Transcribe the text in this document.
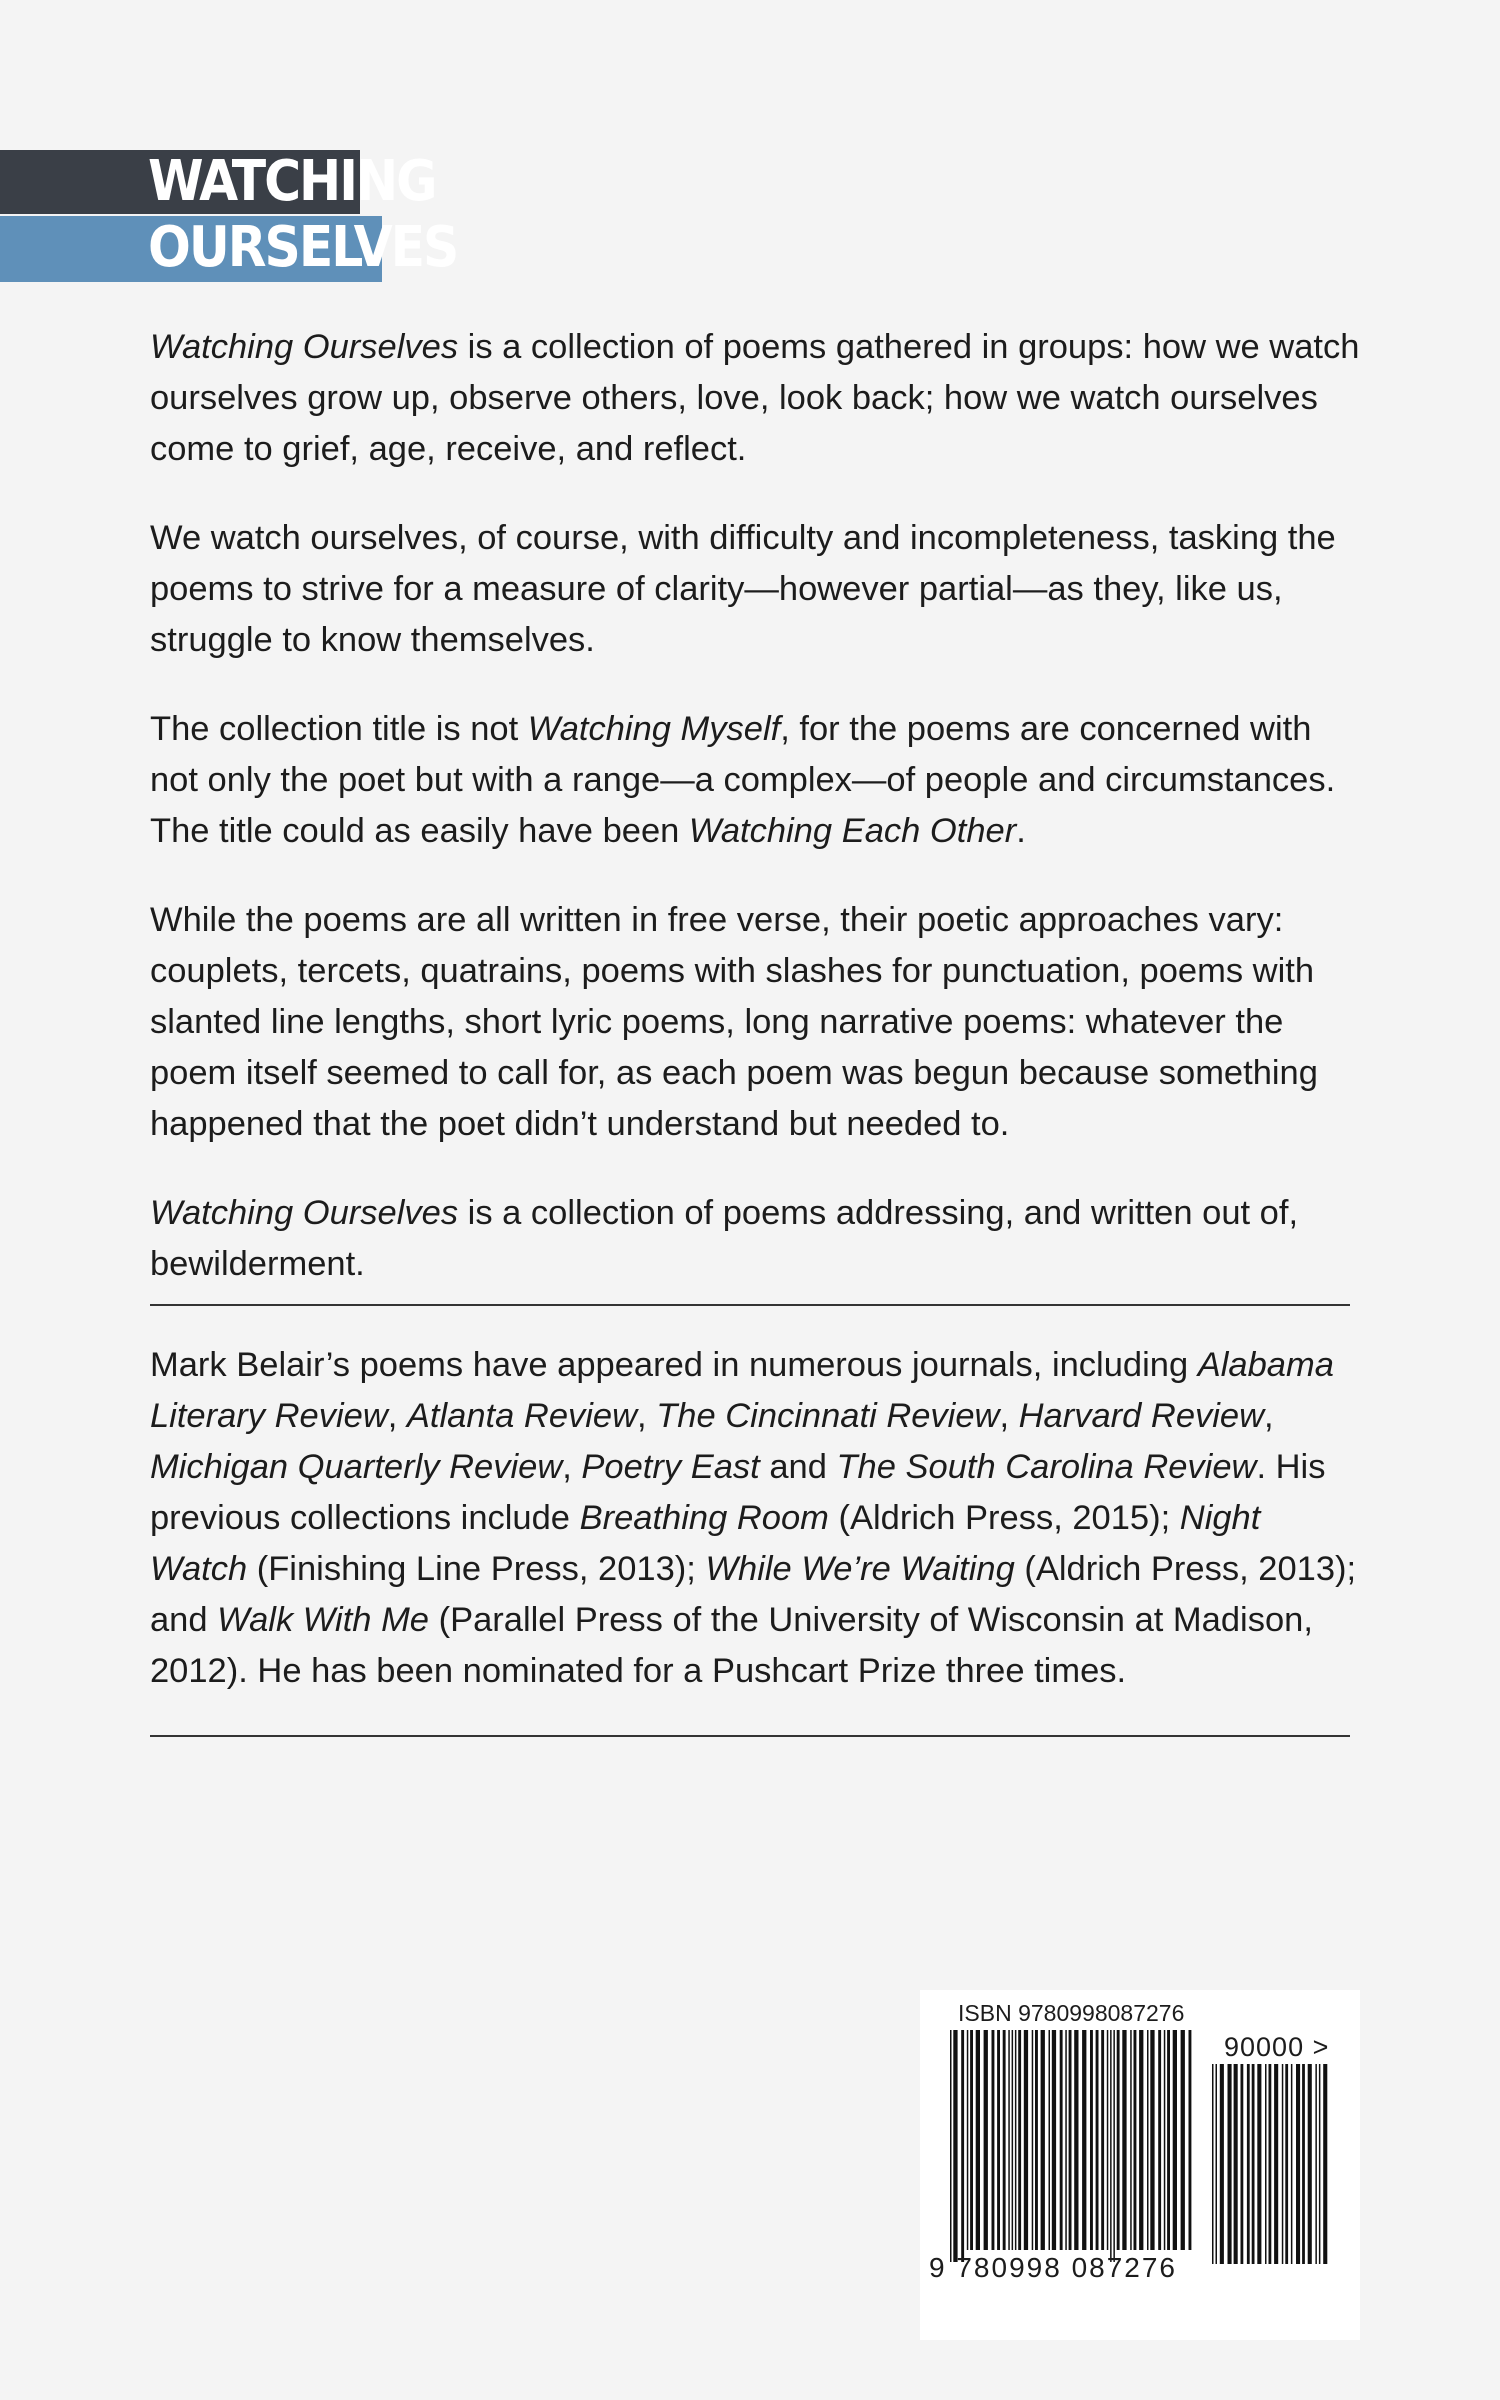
WATCHING
OURSELVES

Watching Ourselves is a collection of poems gathered in groups: how we watch ourselves grow up, observe others, love, look back; how we watch ourselves come to grief, age, receive, and reflect.

We watch ourselves, of course, with difficulty and incompleteness, tasking the poems to strive for a measure of clarity—however partial—as they, like us, struggle to know themselves.

The collection title is not Watching Myself, for the poems are concerned with not only the poet but with a range—a complex—of people and circumstances. The title could as easily have been Watching Each Other.

While the poems are all written in free verse, their poetic approaches vary: couplets, tercets, quatrains, poems with slashes for punctuation, poems with slanted line lengths, short lyric poems, long narrative poems: whatever the poem itself seemed to call for, as each poem was begun because something happened that the poet didn’t understand but needed to.

Watching Ourselves is a collection of poems addressing, and written out of, bewilderment.

Mark Belair’s poems have appeared in numerous journals, including Alabama Literary Review, Atlanta Review, The Cincinnati Review, Harvard Review, Michigan Quarterly Review, Poetry East and The South Carolina Review. His previous collections include Breathing Room (Aldrich Press, 2015); Night Watch (Finishing Line Press, 2013); While We’re Waiting (Aldrich Press, 2013); and Walk With Me (Parallel Press of the University of Wisconsin at Madison, 2012). He has been nominated for a Pushcart Prize three times.

ISBN 9780998087276
90000 >
9 780998 087276
